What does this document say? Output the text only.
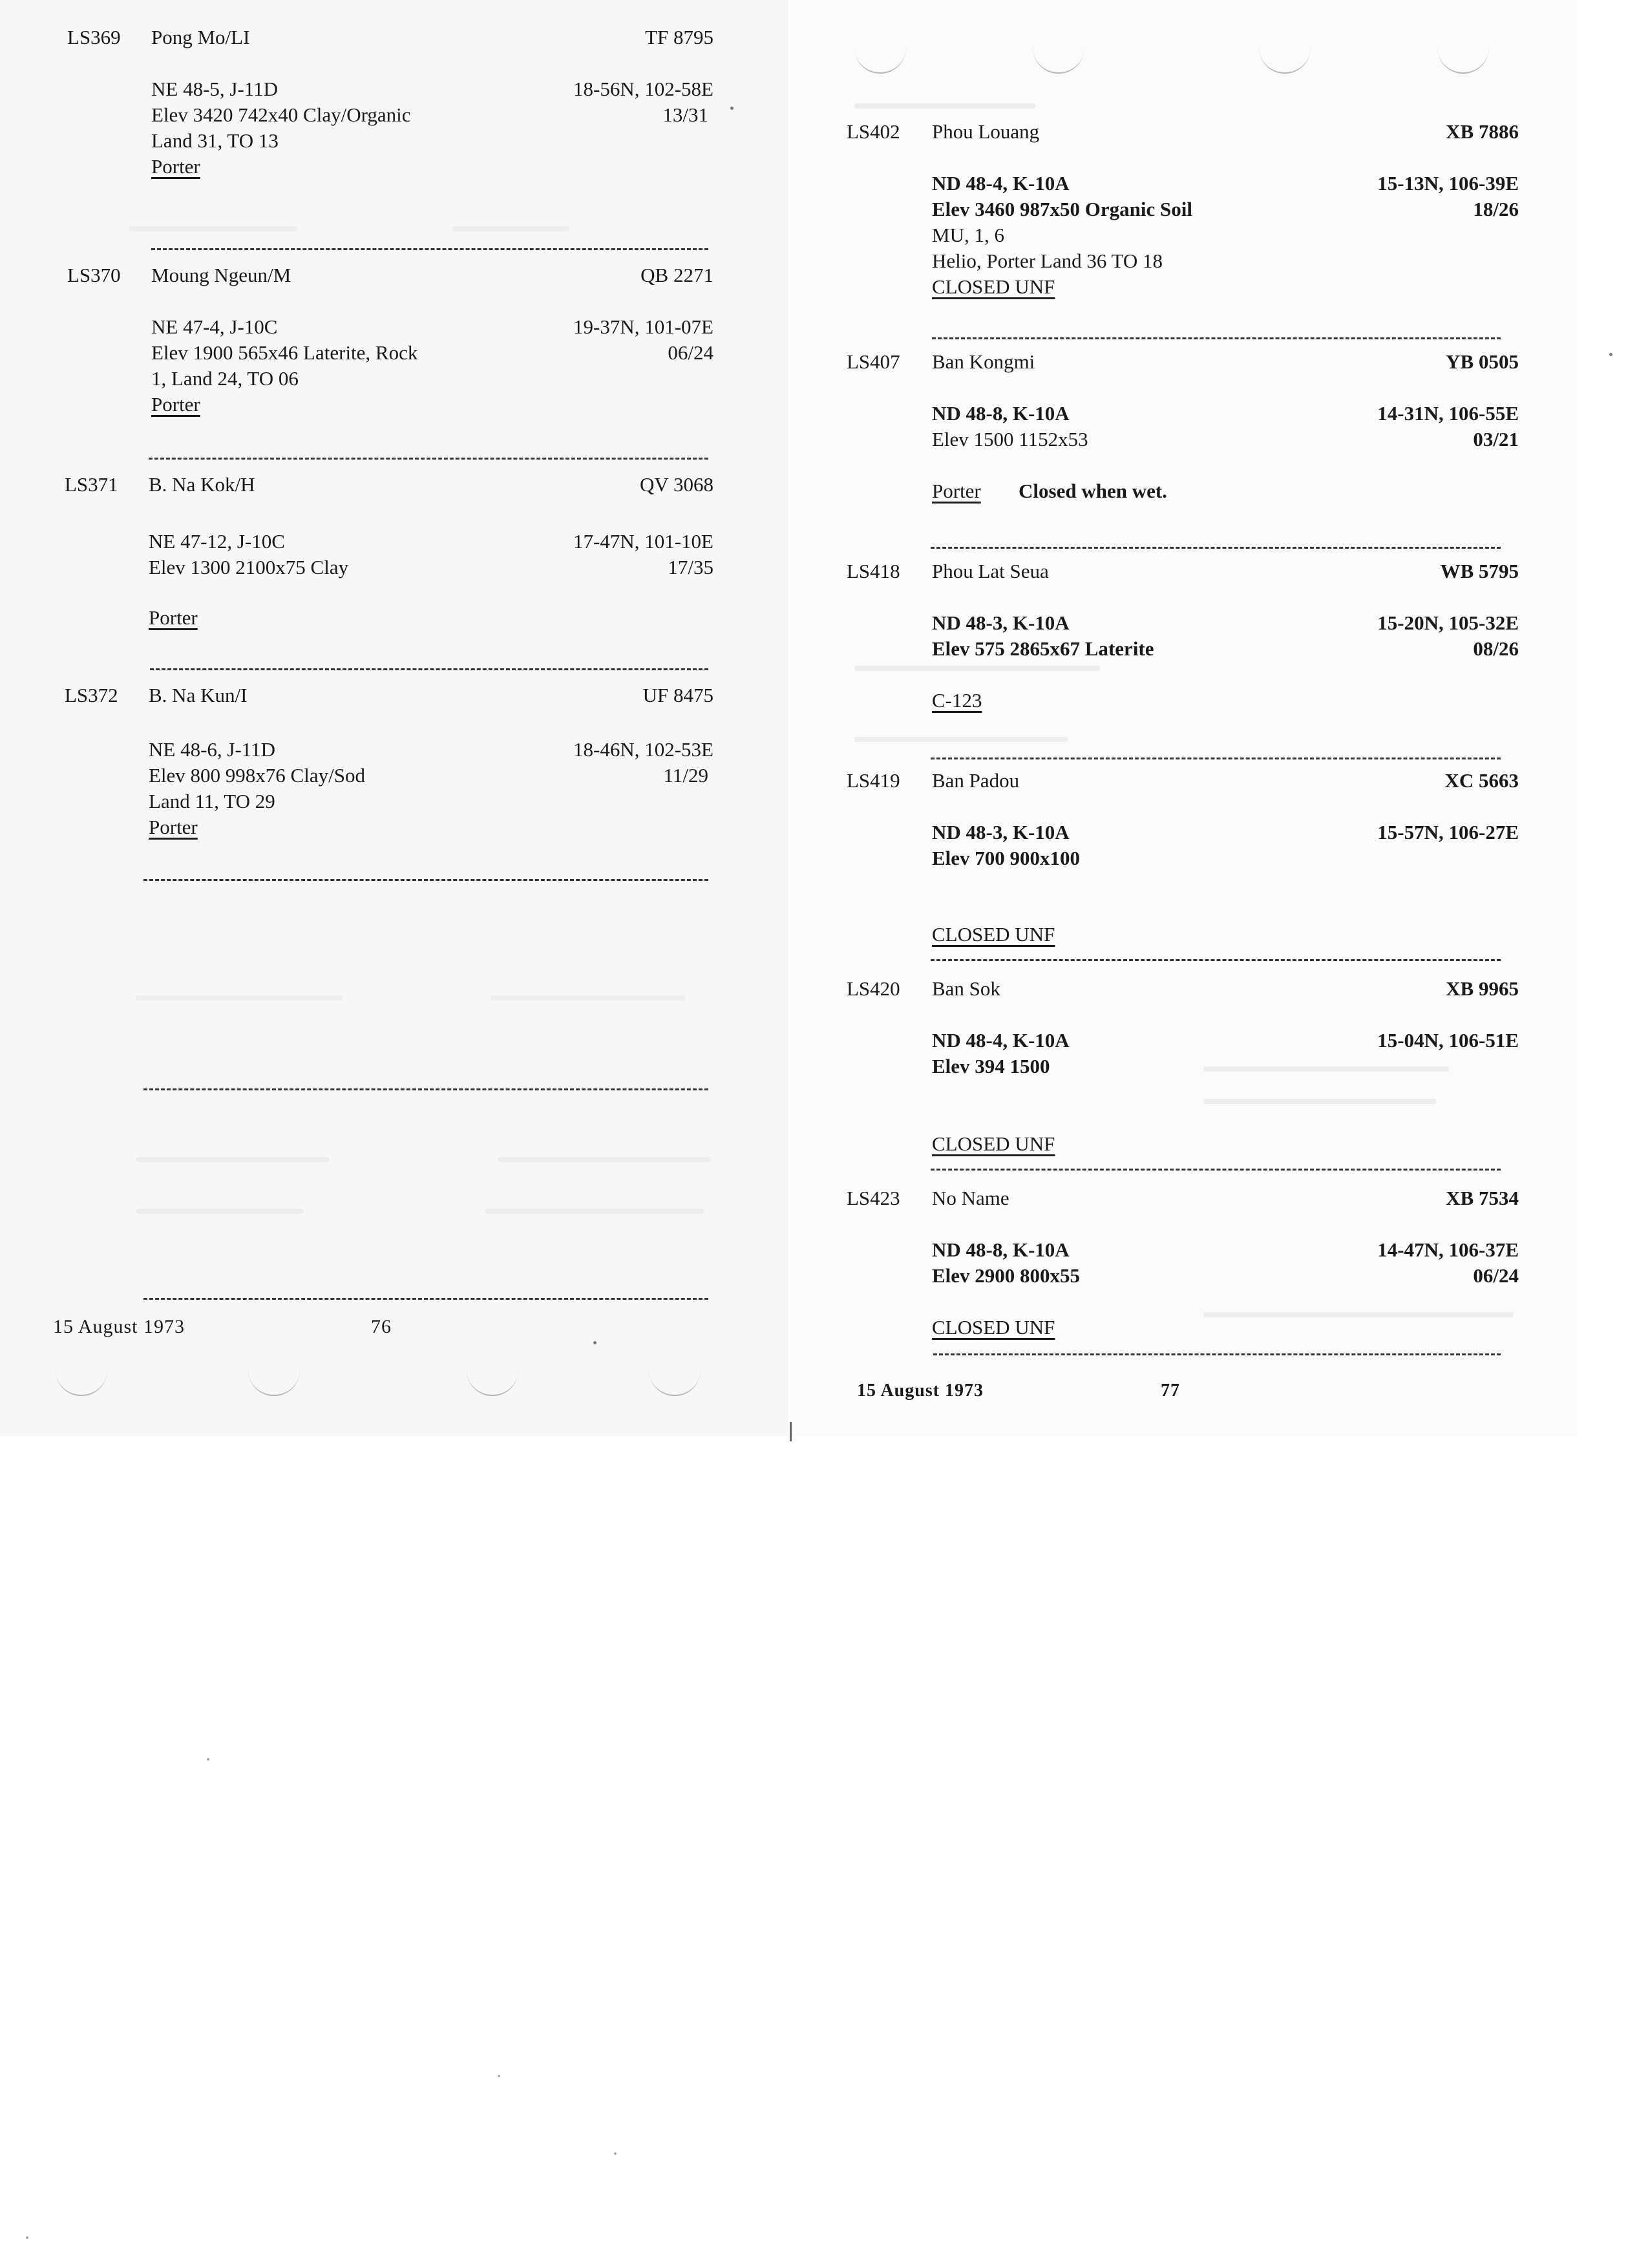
LS369 Pong Mo/LI	TF 8795
NE 48-5, J-11D	18-56N, 102-58E
Elev 3420 742x40 Clay/Organic	13/31
Land 31, TO 13
Porter
LS370 Moung Ngeun/M	QB 2271
NE 47-4, J-10C	19-37N, 101-07E
Elev 1900 565x46 Laterite, Rock	06/24
1, Land 24, TO 06
Porter
LS371 B. Na Kok/H	QV 3068
NE 47-12, J-10C	17-47N, 101-10E
Elev 1300 2100x75 Clay	17/35
Porter
LS372 B. Na Kun/I	UF 8475
NE 48-6, J-11D	18-46N, 102-53E
Elev 800 998x76 Clay/Sod	11/29
Land 11, TO 29
Porter
15 August 1973	76
LS402 Phou Louang	XB 7886
ND 48-4, K-10A	15-13N, 106-39E
Elev 3460 987x50 Organic Soil	18/26
MU, 1, 6
Helio, Porter Land 36 TO 18
CLOSED UNF
LS407 Ban Kongmi	YB 0505
ND 48-8, K-10A	14-31N, 106-55E
Elev 1500 1152x53	03/21
Porter Closed when wet.
LS418 Phou Lat Seua	WB 5795
ND 48-3, K-10A	15-20N, 105-32E
Elev 575 2865x67 Laterite	08/26
C-123
LS419 Ban Padou	XC 5663
ND 48-3, K-10A	15-57N, 106-27E
Elev 700 900x100
CLOSED UNF
LS420 Ban Sok	XB 9965
ND 48-4, K-10A	15-04N, 106-51E
Elev 394 1500
CLOSED UNF
LS423 No Name	XB 7534
ND 48-8, K-10A	14-47N, 106-37E
Elev 2900 800x55	06/24
CLOSED UNF
15 August 1973	77
